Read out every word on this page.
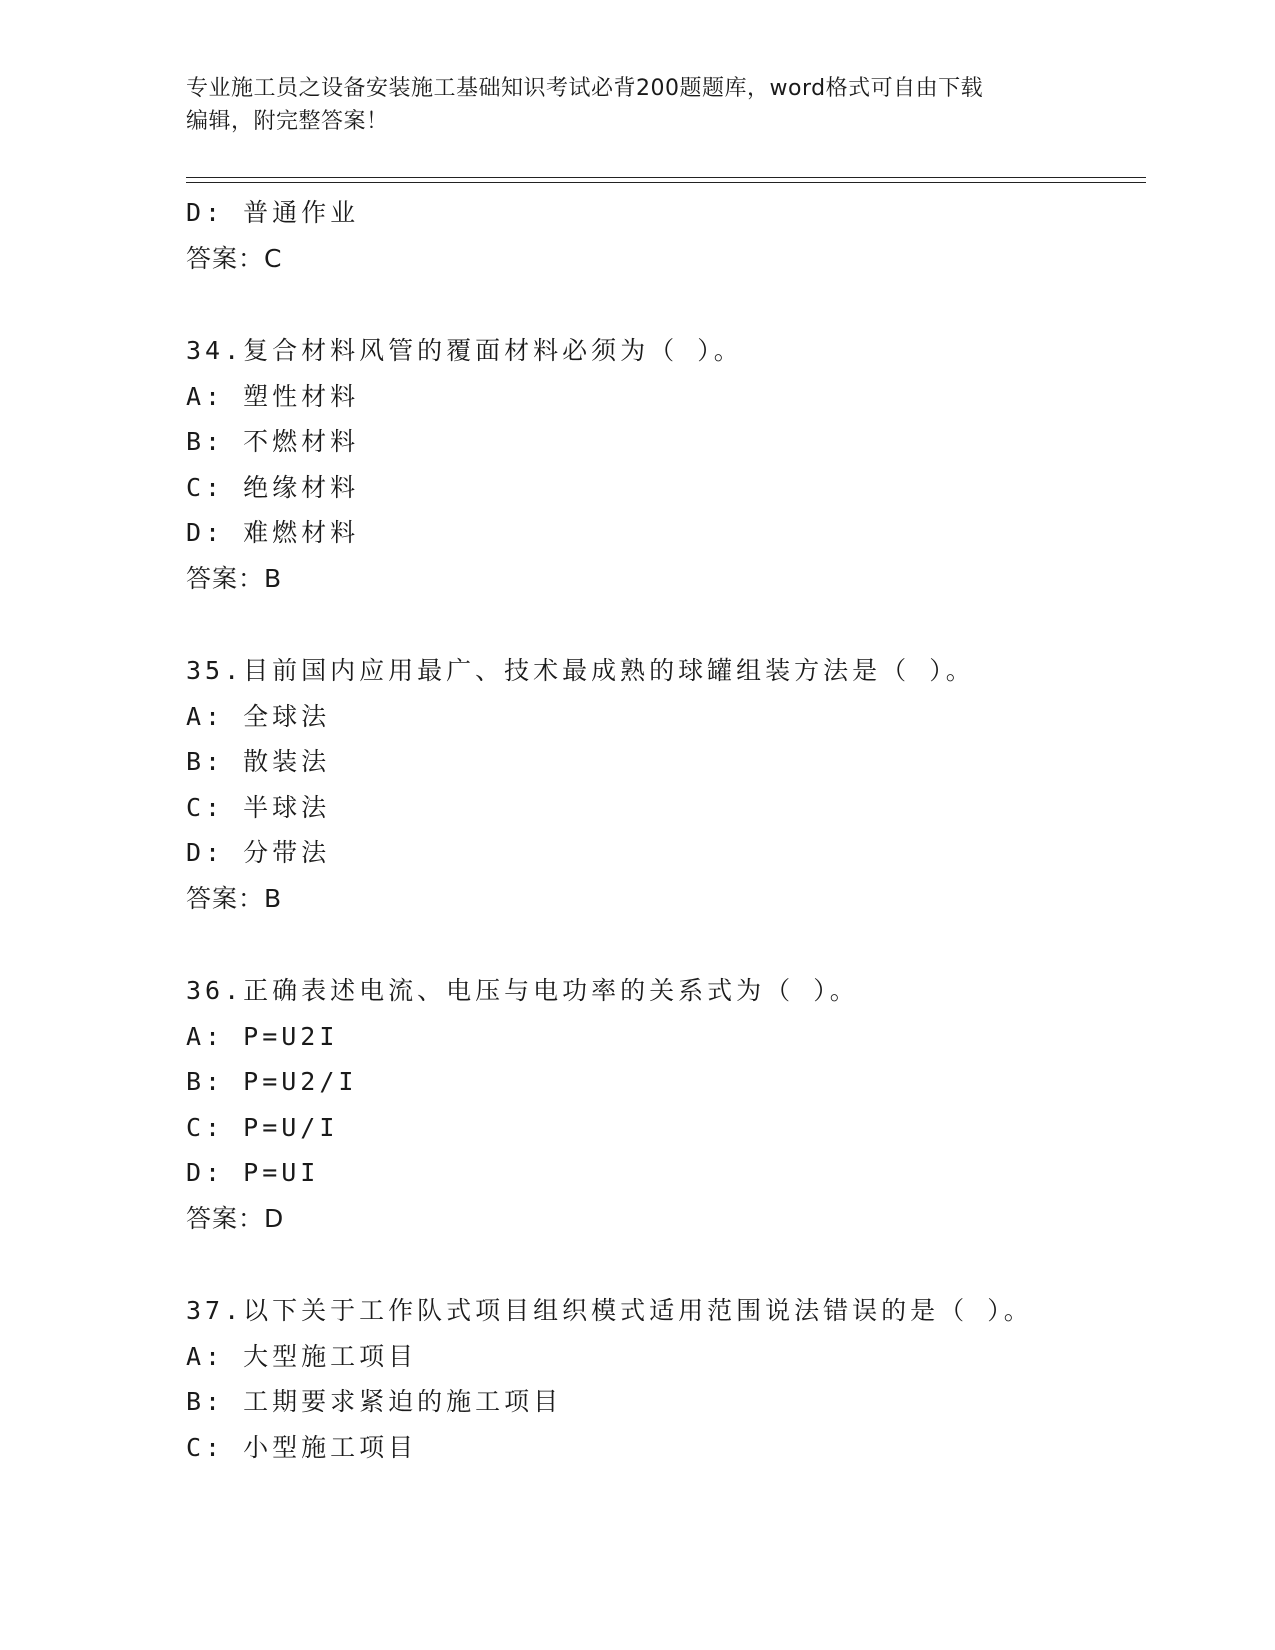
专业施工员之设备安装施工基础知识考试必背200题题库，word格式可自由下载
编辑，附完整答案！
D: 普通作业
答案：C
34.复合材料风管的覆面材料必须为（ ）。
A: 塑性材料
B: 不燃材料
C: 绝缘材料
D: 难燃材料
答案：B
35.目前国内应用最广、技术最成熟的球罐组装方法是（ ）。
A: 全球法
B: 散装法
C: 半球法
D: 分带法
答案：B
36.正确表述电流、电压与电功率的关系式为（ ）。
A: P=U2I
B: P=U2/I
C: P=U/I
D: P=UI
答案：D
37.以下关于工作队式项目组织模式适用范围说法错误的是（ ）。
A: 大型施工项目
B: 工期要求紧迫的施工项目
C: 小型施工项目
